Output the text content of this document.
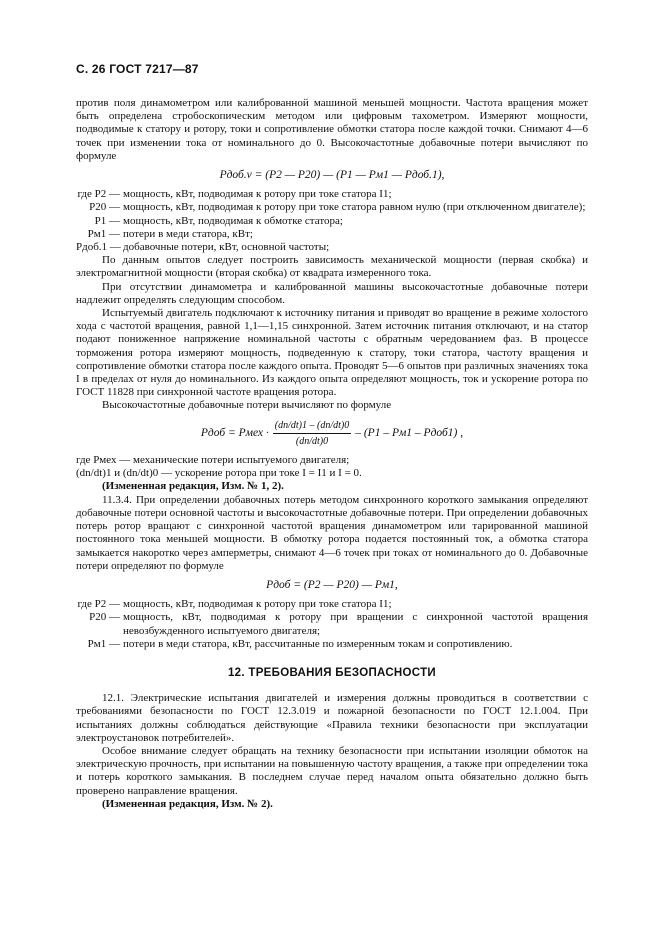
С. 26 ГОСТ 7217—87

против поля динамометром или калиброванной машиной меньшей мощности. Частота вращения может быть определена стробоскопическим методом или цифровым тахометром. Измеряют мощности, подводимые к статору и ротору, токи и сопротивление обмотки статора после каждой точки. Снимают 4—6 точек при изменении тока от номинального до 0. Высокочастотные добавочные потери вычисляют по формуле

Pдоб.v = (P2 — P20) — (P1 — Pм1 — Pдоб.1),
где P2 — мощность, кВт, подводимая к ротору при токе статора I1;
P20 — мощность, кВт, подводимая к ротору при токе статора равном нулю (при отключенном двигателе);
P1 — мощность, кВт, подводимая к обмотке статора;
Pм1 — потери в меди статора, кВт;
Pдоб.1 — добавочные потери, кВт, основной частоты;

По данным опытов следует построить зависимость механической мощности (первая скобка) и электромагнитной мощности (вторая скобка) от квадрата измеренного тока.

При отсутствии динамометра и калиброванной машины высокочастотные добавочные потери надлежит определять следующим способом.

Испытуемый двигатель подключают к источнику питания и приводят во вращение в режиме холостого хода с частотой вращения, равной 1,1—1,15 синхронной. Затем источник питания отключают, и на статор подают пониженное напряжение номинальной частоты с обратным чередованием фаз. В процессе торможения ротора измеряют мощность, подведенную к статору, токи статора, частоту вращения и сопротивление обмотки статора после каждого опыта. Проводят 5—6 опытов при различных значениях тока I в пределах от нуля до номинального. Из каждого опыта определяют мощность, ток и ускорение ротора по ГОСТ 11828 при синхронной частоте вращения ротора.

Высокочастотные добавочные потери вычисляют по формуле

Pдоб = Pмех · $\frac{(dn/dt)1 - (dn/dt)0}{(dn/dt)0} - (P1 - Pм1$ – Pдоб1) ,

где Pмех — механические потери испытуемого двигателя;

(dn/dt)1 и (dn/dt)0 — ускорение ротора при токе I = I1 и I = 0.

(Измененная редакция, Изм. № 1, 2).

11.3.4. При определении добавочных потерь методом синхронного короткого замыкания определяют добавочные потери основной частоты и высокочастотные добавочные потери. При определении добавочных потерь ротор вращают с синхронной частотой вращения динамометром или тарированной машиной постоянного тока меньшей мощности. В обмотку ротора подается постоянный ток, а обмотка статора замыкается накоротко через амперметры, снимают 4—6 точек при токах от номинального до 0. Добавочные потери определяют по формуле

Pдоб = (P2 — P20) — Pм1,
где P2 — мощность, кВт, подводимая к ротору при токе статора I1;
P20 — мощность, кВт, подводимая к ротору при вращении с синхронной частотой вращения невозбужденного испытуемого двигателя;
Pм1 — потери в меди статора, кВт, рассчитанные по измеренным токам и сопротивлению.
12. ТРЕБОВАНИЯ БЕЗОПАСНОСТИ

12.1. Электрические испытания двигателей и измерения должны проводиться в соответствии с требованиями безопасности по ГОСТ 12.3.019 и пожарной безопасности по ГОСТ 12.1.004. При испытаниях должны соблюдаться действующие «Правила техники безопасности при эксплуатации электроустановок потребителей».

Особое внимание следует обращать на технику безопасности при испытании изоляции обмоток на электрическую прочность, при испытании на повышенную частоту вращения, а также при определении тока и потерь короткого замыкания. В последнем случае перед началом опыта обязательно должно быть проверено направление вращения.

(Измененная редакция, Изм. № 2).
